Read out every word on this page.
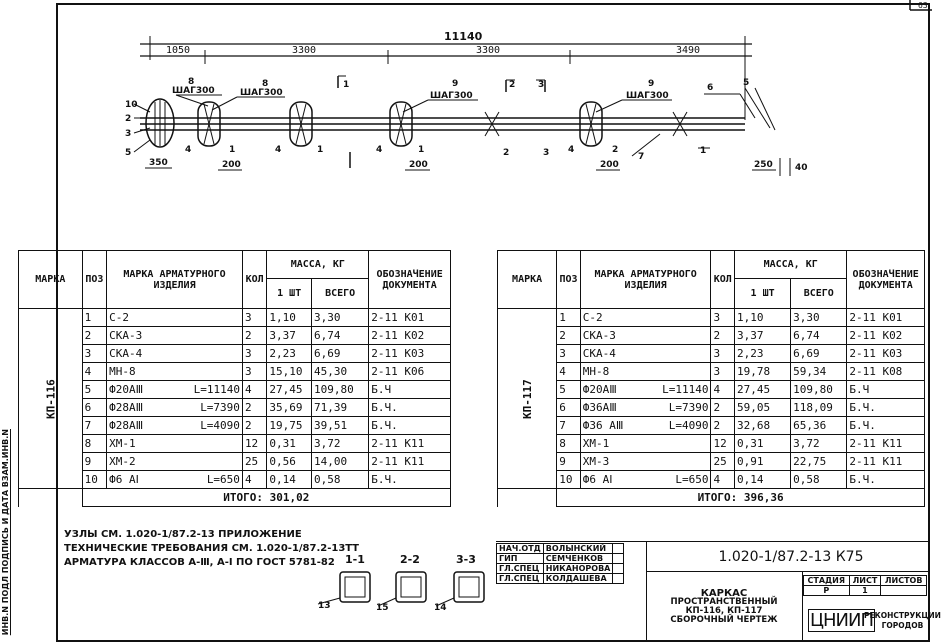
63
11140
1050	3300	3300	3490
8
ШАГ300
8
ШАГ300
9
ШАГ300
9
ШАГ300
10
2
3
5	4	1	4	1	4	1	2	3 4	2
7
1
6	5
1	2	3
350	200	200	200	250 40
1-1
13
2-2
15
3-3
14
МАРКА	ПОЗ	МАРКА АРМАТУРНОГО ИЗДЕЛИЯ	КОЛ	МАССА, КГ		ОБОЗНАЧЕНИЕ ДОКУМЕНТА
				1 ШТ	ВСЕГО	
КП-116	1	С-2	3	1,10	3,30	2-11 К01
	2	СКА-3	2	3,37	6,74	2-11 К02
	3	СКА-4	3	2,23	6,69	2-11 К03
	4	МН-8	3	15,10	45,30	2-11 К06
	5	Ф20АⅢ L=11140	4	27,45	109,80	Б.Ч
	6	Ф28АⅢ L=7390	2	35,69	71,39	Б.Ч.
	7	Ф28АⅢ L=4090	2	19,75	39,51	Б.Ч.
	8	ХМ-1	12	0,31	3,72	2-11 К11
	9	ХМ-2	25	0,56	14,00	2-11 К11
	10	Ф6 АⅠ L=650	4	0,14	0,58	Б.Ч.
	ИТОГО: 301,02					
МАРКА	ПОЗ	МАРКА АРМАТУРНОГО ИЗДЕЛИЯ	КОЛ	МАССА, КГ		ОБОЗНАЧЕНИЕ ДОКУМЕНТА
				1 ШТ	ВСЕГО	
КП-117	1	С-2	3	1,10	3,30	2-11 К01
	2	СКА-3	2	3,37	6,74	2-11 К02
	3	СКА-4	3	2,23	6,69	2-11 К03
	4	МН-8	3	19,78	59,34	2-11 К08
	5	Ф20АⅢ L=11140	4	27,45	109,80	Б.Ч
	6	Ф36АⅢ L=7390	2	59,05	118,09	Б.Ч.
	7	Ф36 АⅢ L=4090	2	32,68	65,36	Б.Ч.
	8	ХМ-1	12	0,31	3,72	2-11 К11
	9	ХМ-3	25	0,91	22,75	2-11 К11
	10	Ф6 АⅠ L=650	4	0,14	0,58	Б.Ч.
	ИТОГО: 396,36					
УЗЛЫ СМ. 1.020-1/87.2-13 ПРИЛОЖЕНИЕ
ТЕХНИЧЕСКИЕ ТРЕБОВАНИЯ СМ. 1.020-1/87.2-13ТТ
АРМАТУРА КЛАССОВ А-Ⅲ, А-Ⅰ ПО ГОСТ 5781-82
НАЧ.ОТД	ВОЛЫНСКИЙ	
ГИП	СЕМЧЕНКОВ	
ГЛ.СПЕЦ	НИКАНОРОВА	
ГЛ.СПЕЦ	КОЛДАШЕВА	
1.020-1/87.2-13 К75
КАРКАС
ПРОСТРАНСТВЕННЫЙ
КП-116, КП-117
СБОРОЧНЫЙ ЧЕРТЕЖ
СТАДИЯ	ЛИСТ	ЛИСТОВ
Р	1	
ЦНИИП
РЕКОНСТРУКЦИИ
ГОРОДОВ
ИНВ.N ПОДЛ ПОДПИСЬ И ДАТА ВЗАМ.ИНВ.N
